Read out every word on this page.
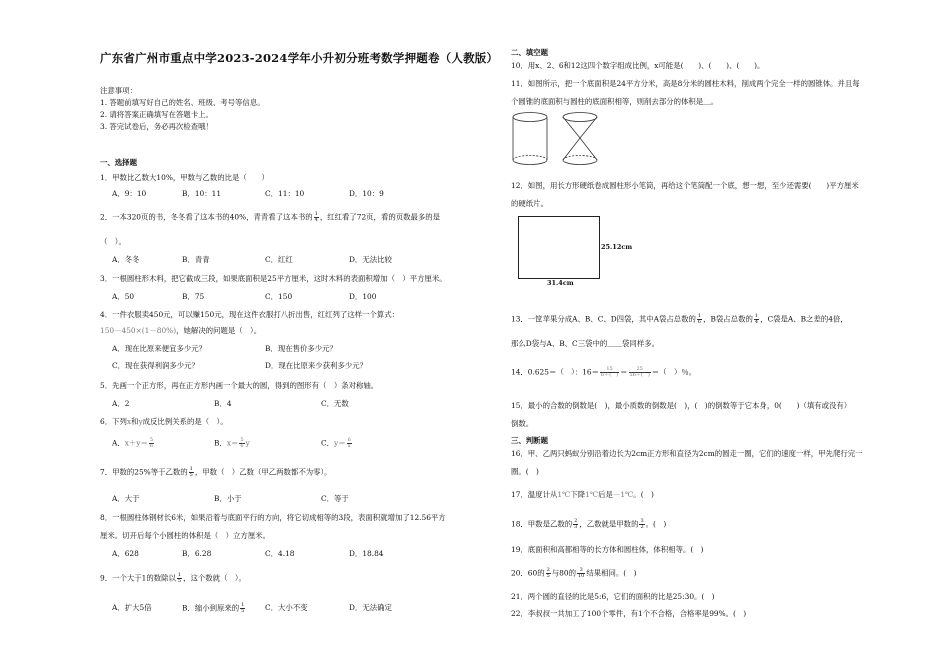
广东省广州市重点中学2023-2024学年小升初分班考数学押题卷（人教版）
注意事项：
1. 答题前填写好自己的姓名、班级、考号等信息。
2. 请将答案正确填写在答题卡上。
3. 答完试卷后，务必再次检查哦！
一、选择题
1．甲数比乙数大10%，甲数与乙数的比是（　　）
A．9：10	B．10：11	C．11：10	D．10：9
2．一本320页的书，冬冬看了这本书的40%，青青看了这本书的 $\frac{1}{4}$ ，红红看了72页，看的页数最多的是
（　）。
A．冬冬	B．青青	C．红红	D．无法比较
3．一根圆柱形木料，把它截成三段，如果底面积是25平方厘米，这时木料的表面积增加（　）平方厘米。
A．50	B．75	C．150	D．100
4．一件衣服卖450元，可以赚150元，现在这件衣服打八折出售，红红列了这样一个算式：
150－450×(1－80%)，她解决的问题是（　）。
A．现在比原来便宜多少元？	B．现在售价多少元？
C．现在获得利润多少元？	D．现在比原来少获利多少元？
5．先画一个正方形，再在正方形内画一个最大的圆，得到的图形有（　）条对称轴。
A．2	B．4	C．无数
6．下列x和y成反比例关系的是（　）。
A．$x+y= \frac{5}{6}$	B．$x= \frac{5}{6}$ y	C．$y= \frac{6}{x}$
7．甲数的25%等于乙数的 $\frac{1}{5}$ ，甲数（　）乙数（甲乙两数都不为零）。
A．大于	B．小于	C．等于
8．一根圆柱体钢材长6米，如果沿着与底面平行的方向，将它切成相等的3段，表面积就增加了12.56平方
厘米。切开后每个小圆柱的体积是（　）立方厘米。
A．628	B．6.28	C．4.18	D．18.84
9．一个大于1的数除以 $\frac{1}{5}$ ，这个数就（　）。
A．扩大5倍	B．缩小到原来的 $\frac{1}{5}$	C．大小不变	D．无法确定
二、填空题
10．用x、2、6和12这四个数字组成比例，x可能是(　　)、(　　)、(　　)。
11．如图所示，把一个底面积是24平方分米，高是8分米的圆柱木料，削成两个完全一样的圆锥体。并且每
个圆锥的底面积与圆柱的底面积相等，则削去部分的体积是＿。
12．如图，用长方形硬纸卷成圆柱形小笔筒，再给这个笔筒配一个底，想一想，至少还需要(　　)平方厘米
的硬纸片。
25.12cm
31.4cm
13．一筐苹果分成A、B、C、D四袋，其中A袋占总数的 $\frac{1}{6}$ ，B袋占总数的 $\frac{1}{4}$ ，C袋是A、B之差的4倍，
那么D袋与A、B、C三袋中的＿＿袋同样多。
14．0.625＝（　）：$16= \frac{15}{6+( )} = \frac{25}{56+( )}$ ＝（　）％。
15．最小的合数的倒数是(　)，最小质数的倒数是(　)，(　)的倒数等于它本身，0(　　)（填有或没有）
倒数。
三、判断题
16．甲、乙两只蚂蚁分别沿着边长为2cm正方形和直径为2cm的圆走一圈，它们的速度一样，甲先爬行完一
圈。(　)
17．温度计从1℃下降1℃后是－1℃。(　)
18．甲数是乙数的 $\frac{2}{3}$ ，乙数就是甲数的 $\frac{3}{2}$ 。(　)
19．底面积和高都相等的长方体和圆柱体，体积相等。(　)
20．60的 $\frac{2}{5}$ 与80的 $\frac{3}{10}$ 结果相同。(　)
21．两个圆的直径的比是5:6，它们的面积的比是25:30。(　)
22．李叔叔一共加工了100个零件，有1个不合格，合格率是99%。(　)
